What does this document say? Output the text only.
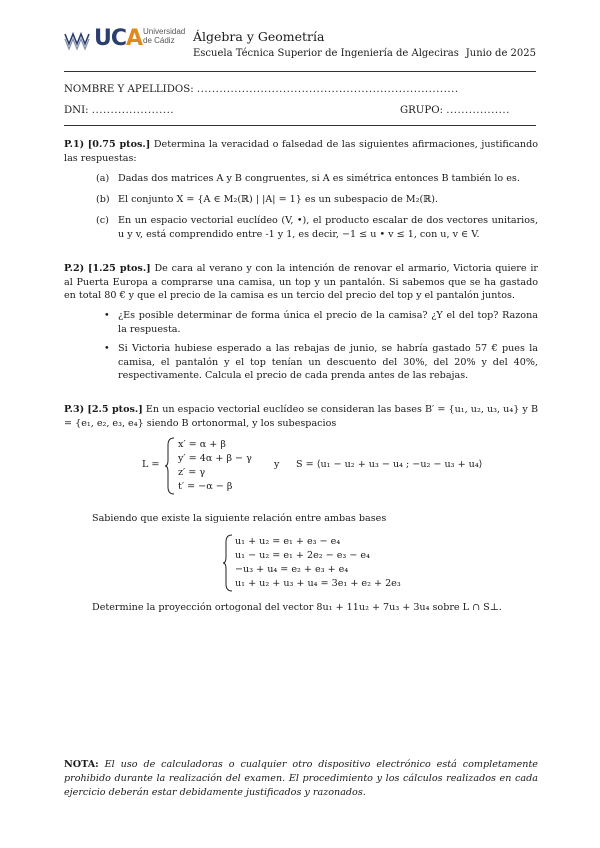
UCA Universidad
de Cádiz	Álgebra y Geometría
Escuela Técnica Superior de Ingeniería de Algeciras Junio de 2025
NOMBRE Y APELLIDOS: ......................................................................
DNI: ......................	GRUPO: .................
P.1) [0.75 ptos.] Determina la veracidad o falsedad de las siguientes afirmaciones, justificando las respuestas:
(a) Dadas dos matrices A y B congruentes, si A es simétrica entonces B también lo es.
(b) El conjunto X = {A ∈ M₂(ℝ) | |A| = 1} es un subespacio de M₂(ℝ).
(c) En un espacio vectorial euclídeo (V, •), el producto escalar de dos vectores unitarios, u y v, está comprendido entre -1 y 1, es decir, −1 ≤ u • v ≤ 1, con u, v ∈ V.
P.2) [1.25 ptos.] De cara al verano y con la intención de renovar el armario, Victoria quiere ir al Puerta Europa a comprarse una camisa, un top y un pantalón. Si sabemos que se ha gastado en total 80 € y que el precio de la camisa es un tercio del precio del top y el pantalón juntos.
• ¿Es posible determinar de forma única el precio de la camisa? ¿Y el del top? Razona la respuesta.
• Si Victoria hubiese esperado a las rebajas de junio, se habría gastado 57 € pues la camisa, el pantalón y el top tenían un descuento del 30%, del 20% y del 40%, respectivamente. Calcula el precio de cada prenda antes de las rebajas.
P.3) [2.5 ptos.] En un espacio vectorial euclídeo se consideran las bases B′ = {u₁, u₂, u₃, u₄} y B = {e₁, e₂, e₃, e₄} siendo B ortonormal, y los subespacios
L =
x′ = α + β
y′ = 4α + β − γ
z′ = γ
t′ = −α − β
y S = ⟨u₁ − u₂ + u₃ − u₄ ; −u₂ − u₃ + u₄⟩
Sabiendo que existe la siguiente relación entre ambas bases
u₁ + u₂ = e₁ + e₃ − e₄
u₁ − u₂ = e₁ + 2e₂ − e₃ − e₄
−u₃ + u₄ = e₂ + e₃ + e₄
u₁ + u₂ + u₃ + u₄ = 3e₁ + e₂ + 2e₃
Determine la proyección ortogonal del vector 8u₁ + 11u₂ + 7u₃ + 3u₄ sobre L ∩ S⊥.
NOTA: El uso de calculadoras o cualquier otro dispositivo electrónico está completamente prohibido durante la realización del examen. El procedimiento y los cálculos realizados en cada ejercicio deberán estar debidamente justificados y razonados.
